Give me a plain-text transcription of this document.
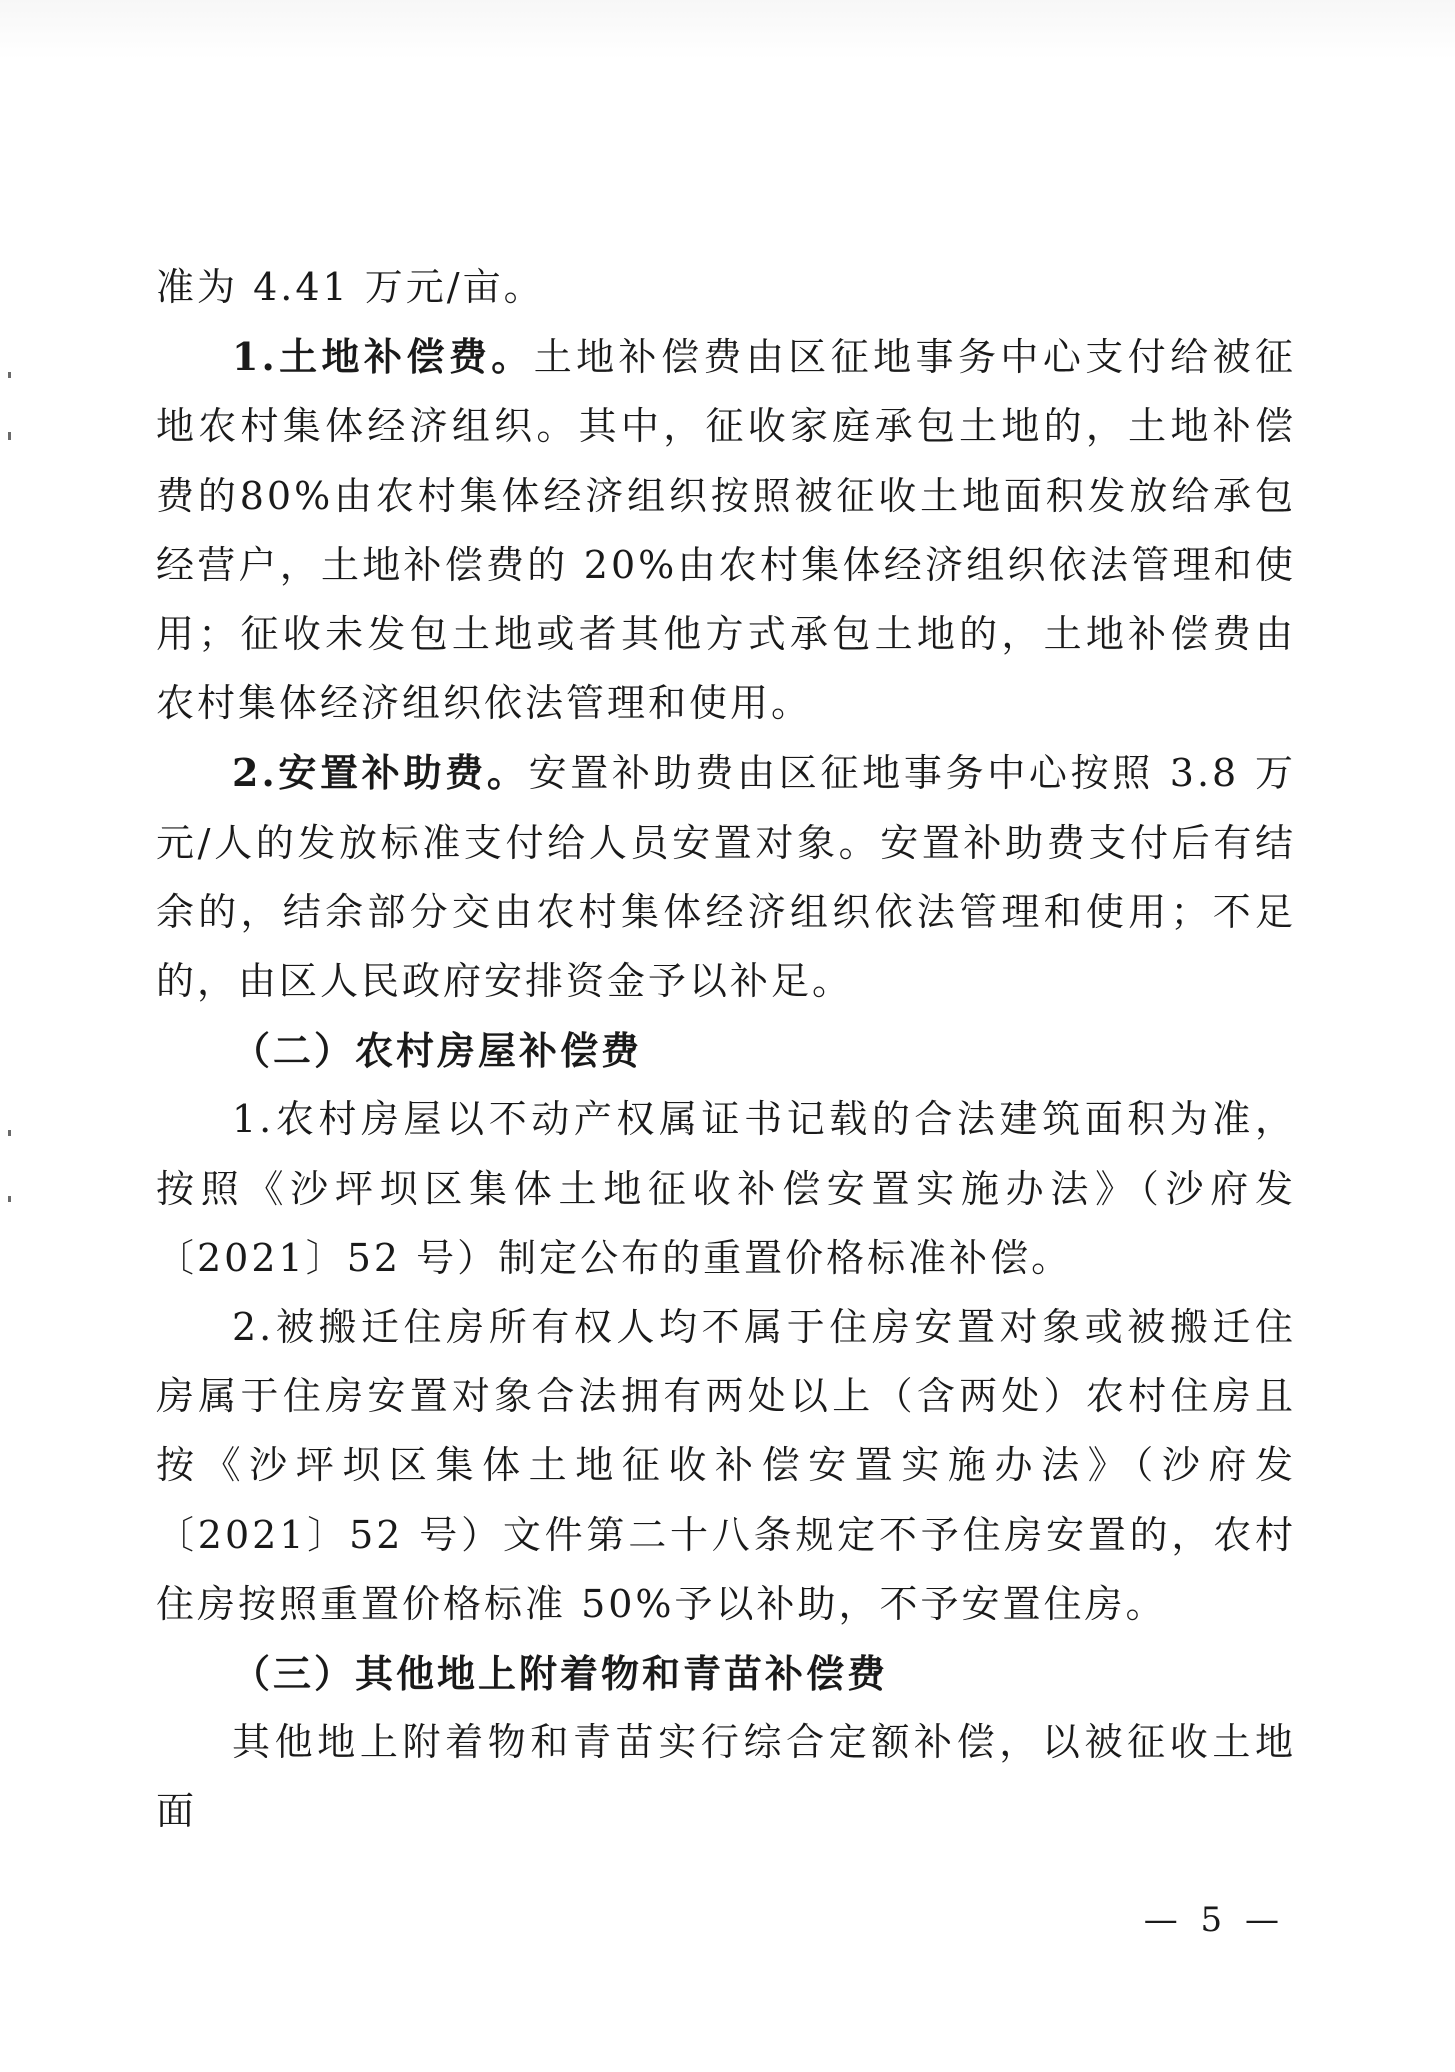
准为 4.41 万元/亩。

1.土地补偿费。土地补偿费由区征地事务中心支付给被征地农村集体经济组织。其中，征收家庭承包土地的，土地补偿费的80%由农村集体经济组织按照被征收土地面积发放给承包经营户，土地补偿费的 20%由农村集体经济组织依法管理和使用；征收未发包土地或者其他方式承包土地的，土地补偿费由农村集体经济组织依法管理和使用。

2.安置补助费。安置补助费由区征地事务中心按照 3.8 万元/人的发放标准支付给人员安置对象。安置补助费支付后有结余的，结余部分交由农村集体经济组织依法管理和使用；不足的，由区人民政府安排资金予以补足。

（二）农村房屋补偿费

1.农村房屋以不动产权属证书记载的合法建筑面积为准，按照《沙坪坝区集体土地征收补偿安置实施办法》（沙府发〔2021〕52 号）制定公布的重置价格标准补偿。

2.被搬迁住房所有权人均不属于住房安置对象或被搬迁住房属于住房安置对象合法拥有两处以上（含两处）农村住房且按《沙坪坝区集体土地征收补偿安置实施办法》（沙府发〔2021〕52 号）文件第二十八条规定不予住房安置的，农村住房按照重置价格标准 50%予以补助，不予安置住房。

（三）其他地上附着物和青苗补偿费

其他地上附着物和青苗实行综合定额补偿，以被征收土地面

— 5 —
